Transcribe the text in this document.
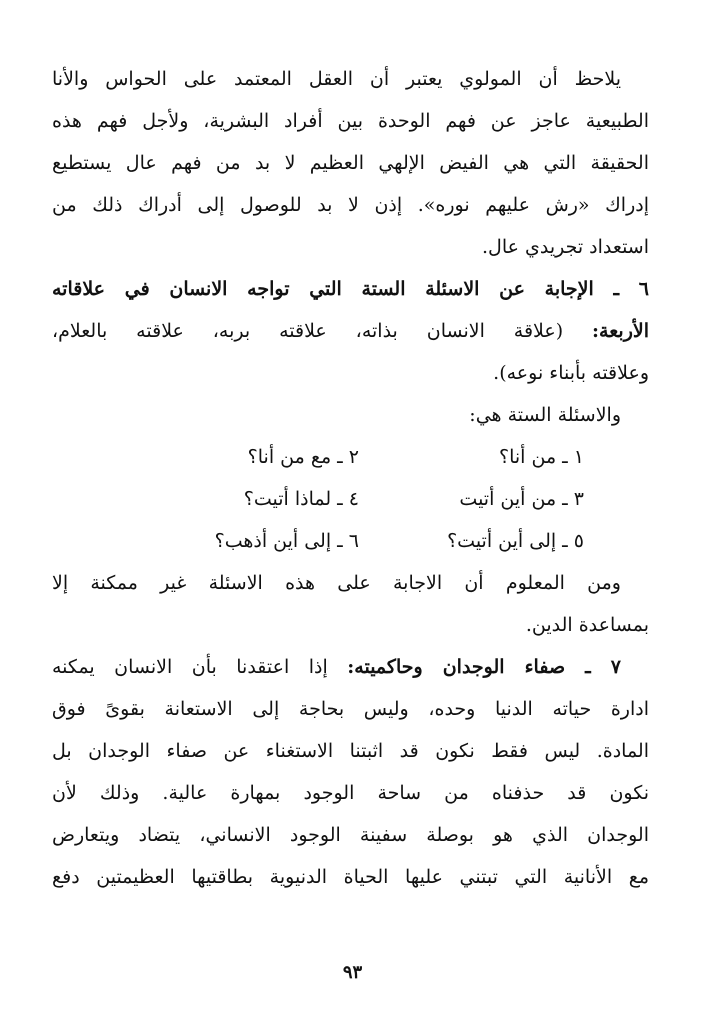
يلاحظ أن المولوي يعتبر أن العقل المعتمد على الحواس والأنا
الطبيعية عاجز عن فهم الوحدة بين أفراد البشرية، ولأجل فهم هذه
الحقيقة التي هي الفيض الإلهي العظيم لا بد من فهم عال يستطيع
إدراك «رش عليهم نوره». إذن لا بد للوصول إلى أدراك ذلك من
استعداد تجريدي عال.
٦ ـ الإجابة عن الاسئلة الستة التي تواجه الانسان في علاقاته
الأربعة: (علاقة الانسان بذاته، علاقته بربه، علاقته بالعلام،
وعلاقته بأبناء نوعه).
والاسئلة الستة هي:
١ ـ من أنا؟
٢ ـ مع من أنا؟
٣ ـ من أين أتيت
٤ ـ لماذا أتيت؟
٥ ـ إلى أين أتيت؟
٦ ـ إلى أين أذهب؟
ومن المعلوم أن الاجابة على هذه الاسئلة غير ممكنة إلا
بمساعدة الدين.
٧ ـ صفاء الوجدان وحاكميته: إذا اعتقدنا بأن الانسان يمكنه
ادارة حياته الدنيا وحده، وليس بحاجة إلى الاستعانة بقوىً فوق
المادة. ليس فقط نكون قد اثبتنا الاستغناء عن صفاء الوجدان بل
نكون قد حذفناه من ساحة الوجود بمهارة عالية. وذلك لأن
الوجدان الذي هو بوصلة سفينة الوجود الانساني، يتضاد ويتعارض
مع الأنانية التي تبتني عليها الحياة الدنيوية بطاقتيها العظيمتين دفع
٩٣
